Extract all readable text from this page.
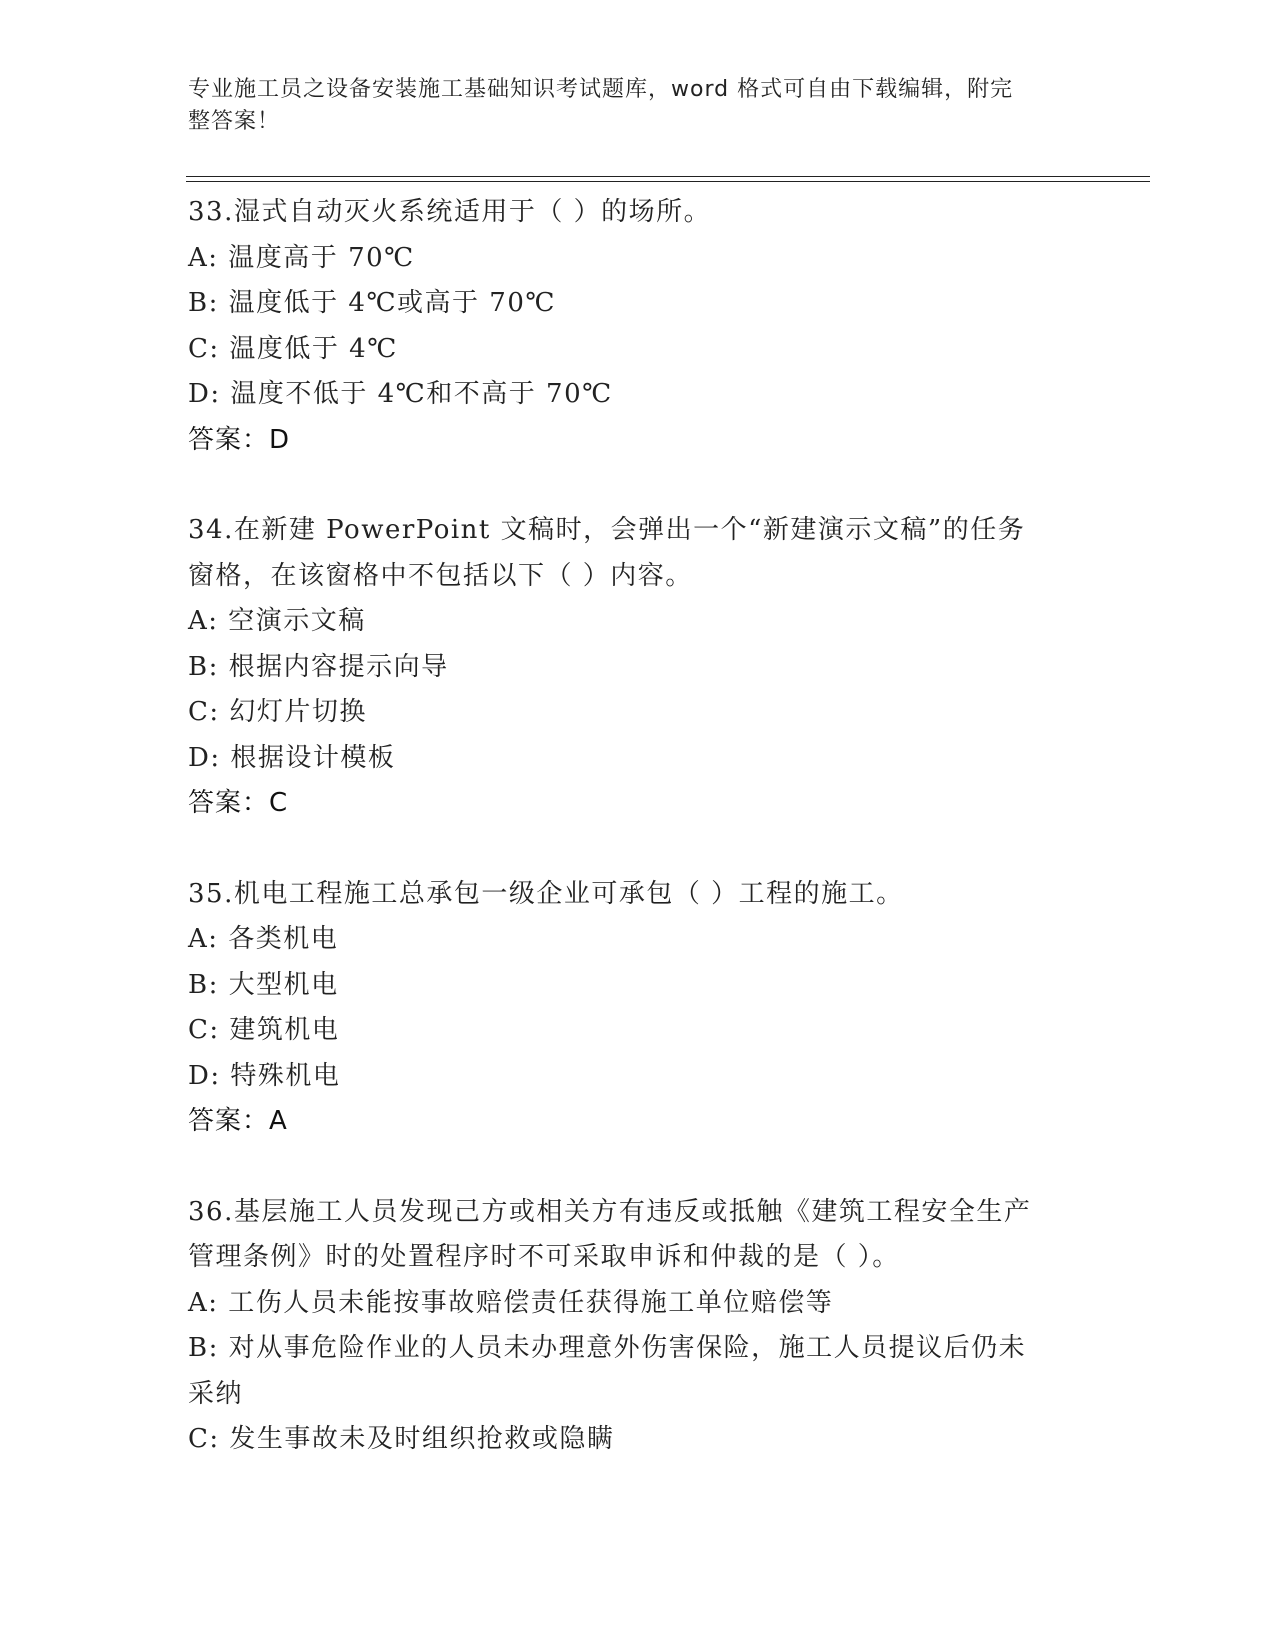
专业施工员之设备安装施工基础知识考试题库，word 格式可自由下载编辑，附完
整答案！
33.湿式自动灭火系统适用于（ ）的场所。
A: 温度高于 70℃
B: 温度低于 4℃或高于 70℃
C: 温度低于 4℃
D: 温度不低于 4℃和不高于 70℃
答案：D
34.在新建 PowerPoint 文稿时，会弹出一个“新建演示文稿”的任务
窗格，在该窗格中不包括以下（ ）内容。
A: 空演示文稿
B: 根据内容提示向导
C: 幻灯片切换
D: 根据设计模板
答案：C
35.机电工程施工总承包一级企业可承包（ ）工程的施工。
A: 各类机电
B: 大型机电
C: 建筑机电
D: 特殊机电
答案：A
36.基层施工人员发现己方或相关方有违反或抵触《建筑工程安全生产
管理条例》时的处置程序时不可采取申诉和仲裁的是（ ）。
A: 工伤人员未能按事故赔偿责任获得施工单位赔偿等
B: 对从事危险作业的人员未办理意外伤害保险，施工人员提议后仍未
采纳
C: 发生事故未及时组织抢救或隐瞒
